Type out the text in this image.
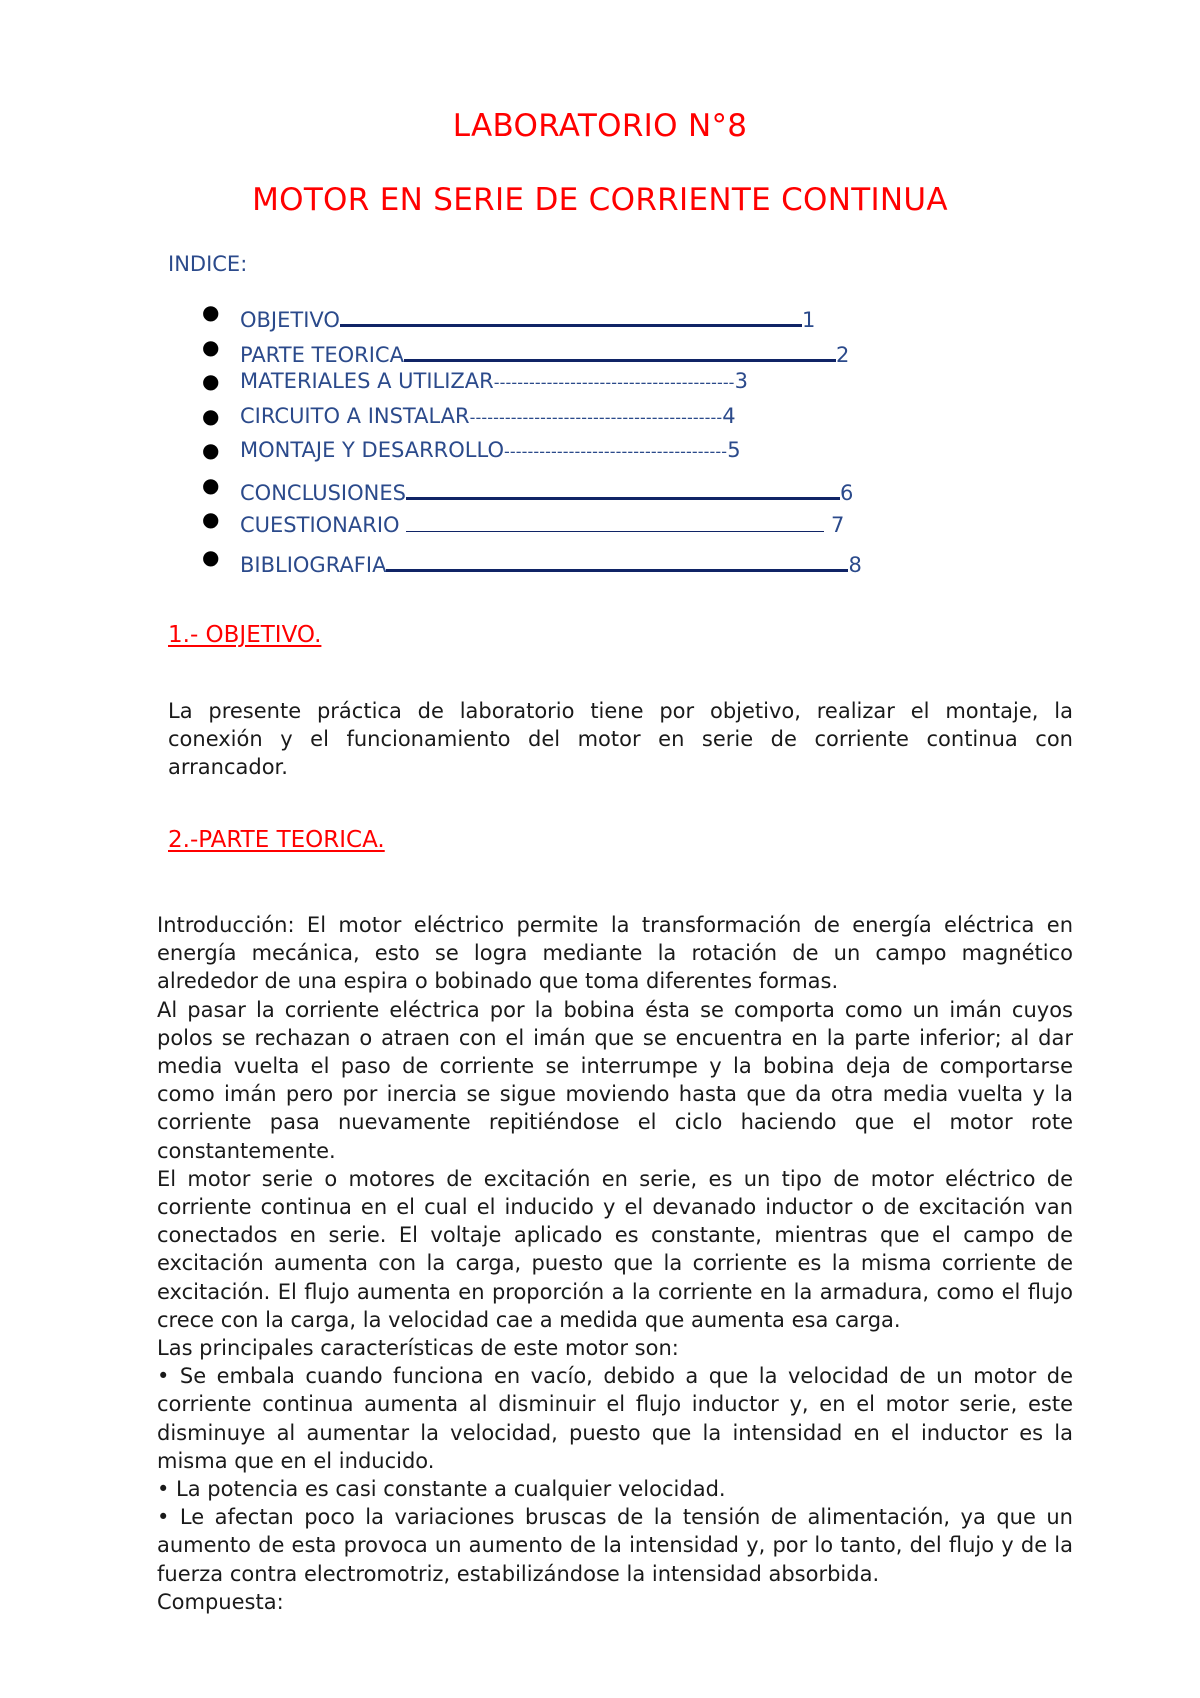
LABORATORIO N°8
MOTOR EN SERIE DE CORRIENTE CONTINUA
INDICE:
● OBJETIVO	1
● PARTE TEORICA	2
● MATERIALES A UTILIZAR-----------------------------------------3
● CIRCUITO A INSTALAR-------------------------------------------4
● MONTAJE Y DESARROLLO--------------------------------------5
● CONCLUSIONES	6
● CUESTIONARIO	7
● BIBLIOGRAFIA	8
1.- OBJETIVO.
La presente práctica de laboratorio tiene por objetivo, realizar el montaje, la conexión y el funcionamiento del motor en serie de corriente continua con arrancador.
2.-PARTE TEORICA.

Introducción: El motor eléctrico permite la transformación de energía eléctrica en energía mecánica, esto se logra mediante la rotación de un campo magnético alrededor de una espira o bobinado que toma diferentes formas.

Al pasar la corriente eléctrica por la bobina ésta se comporta como un imán cuyos polos se rechazan o atraen con el imán que se encuentra en la parte inferior; al dar media vuelta el paso de corriente se interrumpe y la bobina deja de comportarse como imán pero por inercia se sigue moviendo hasta que da otra media vuelta y la corriente pasa nuevamente repitiéndose el ciclo haciendo que el motor rote constantemente.

El motor serie o motores de excitación en serie, es un tipo de motor eléctrico de corriente continua en el cual el inducido y el devanado inductor o de excitación van conectados en serie. El voltaje aplicado es constante, mientras que el campo de excitación aumenta con la carga, puesto que la corriente es la misma corriente de excitación. El flujo aumenta en proporción a la corriente en la armadura, como el flujo crece con la carga, la velocidad cae a medida que aumenta esa carga.

Las principales características de este motor son:

• Se embala cuando funciona en vacío, debido a que la velocidad de un motor de corriente continua aumenta al disminuir el flujo inductor y, en el motor serie, este disminuye al aumentar la velocidad, puesto que la intensidad en el inductor es la misma que en el inducido.

• La potencia es casi constante a cualquier velocidad.

• Le afectan poco la variaciones bruscas de la tensión de alimentación, ya que un aumento de esta provoca un aumento de la intensidad y, por lo tanto, del flujo y de la fuerza contra electromotriz, estabilizándose la intensidad absorbida.

Compuesta:
